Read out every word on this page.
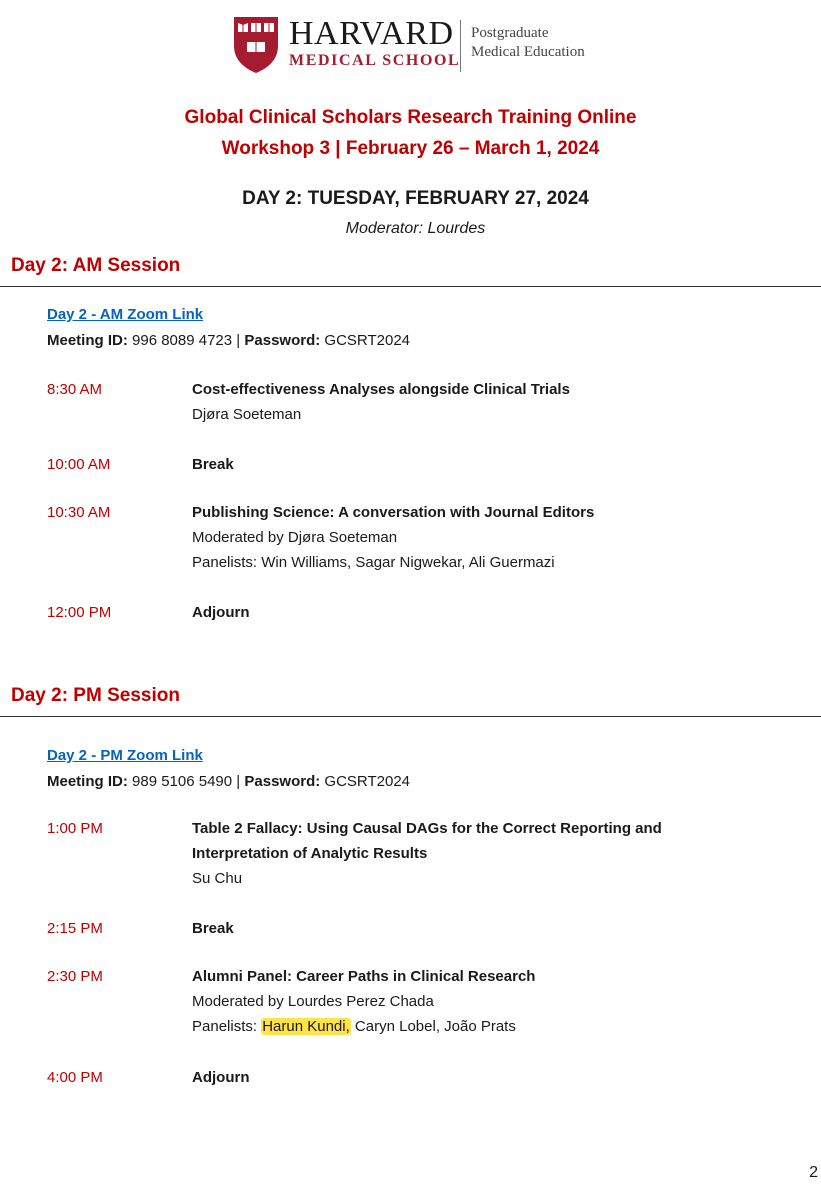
HARVARD
MEDICAL SCHOOL
Postgraduate
Medical Education
Global Clinical Scholars Research Training Online
Workshop 3 | February 26 – March 1, 2024
DAY 2: TUESDAY, FEBRUARY 27, 2024
Moderator: Lourdes
Day 2: AM Session
Day 2 - AM Zoom Link
Meeting ID: 996 8089 4723 | Password: GCSRT2024
8:30 AM	Cost-effectiveness Analyses alongside Clinical Trials
Djøra Soeteman
10:00 AM	Break
10:30 AM	Publishing Science: A conversation with Journal Editors
Moderated by Djøra Soeteman
Panelists: Win Williams, Sagar Nigwekar, Ali Guermazi
12:00 PM	Adjourn
Day 2: PM Session
Day 2 - PM Zoom Link
Meeting ID: 989 5106 5490 | Password: GCSRT2024
1:00 PM	Table 2 Fallacy: Using Causal DAGs for the Correct Reporting and
Interpretation of Analytic Results
Su Chu
2:15 PM	Break
2:30 PM	Alumni Panel: Career Paths in Clinical Research
Moderated by Lourdes Perez Chada
Panelists: Harun Kundi, Caryn Lobel, João Prats
4:00 PM	Adjourn
2
